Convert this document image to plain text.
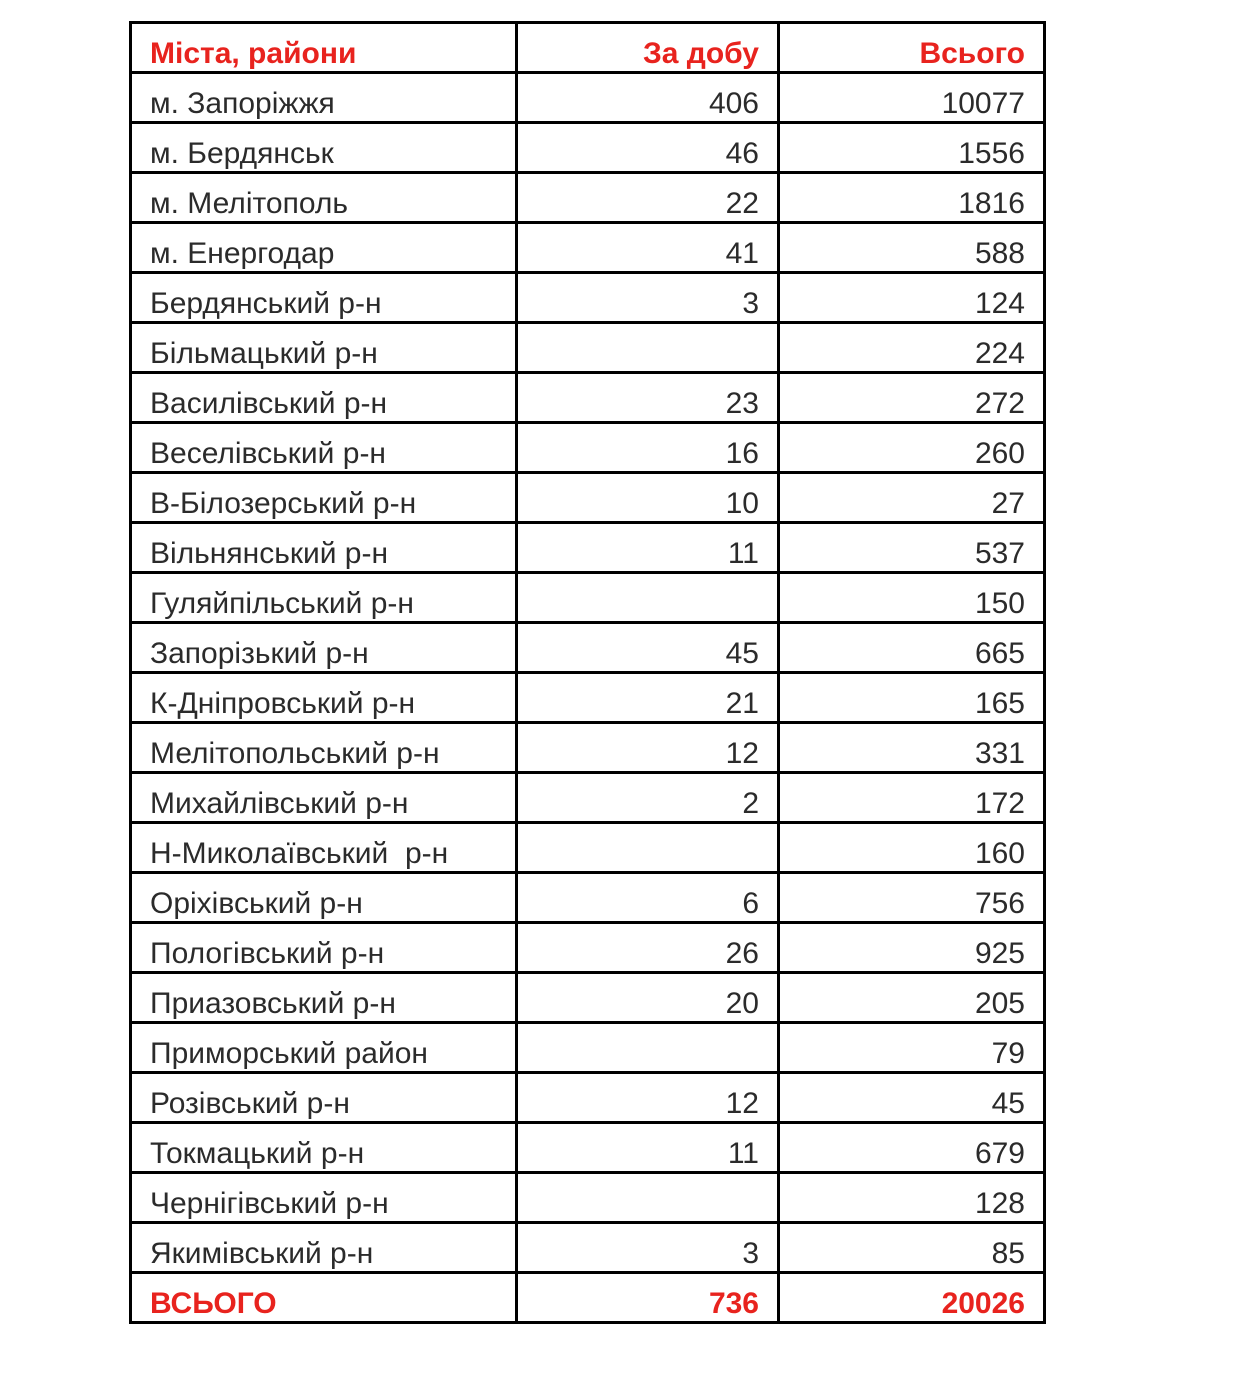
Міста, райони	За добу	Всього
м. Запоріжжя	406	10077
м. Бердянськ	46	1556
м. Мелітополь	22	1816
м. Енергодар	41	588
Бердянський р-н	3	124
Більмацький р-н		224
Василівський р-н	23	272
Веселівський р-н	16	260
В-Білозерський р-н	10	27
Вільнянський р-н	11	537
Гуляйпільський р-н		150
Запорізький р-н	45	665
К-Дніпровський р-н	21	165
Мелітопольський р-н	12	331
Михайлівський р-н	2	172
Н-Миколаївський  р-н		160
Оріхівський р-н	6	756
Пологівський р-н	26	925
Приазовський р-н	20	205
Приморський район		79
Розівський р-н	12	45
Токмацький р-н	11	679
Чернігівський р-н		128
Якимівський р-н	3	85
ВСЬОГО	736	20026
